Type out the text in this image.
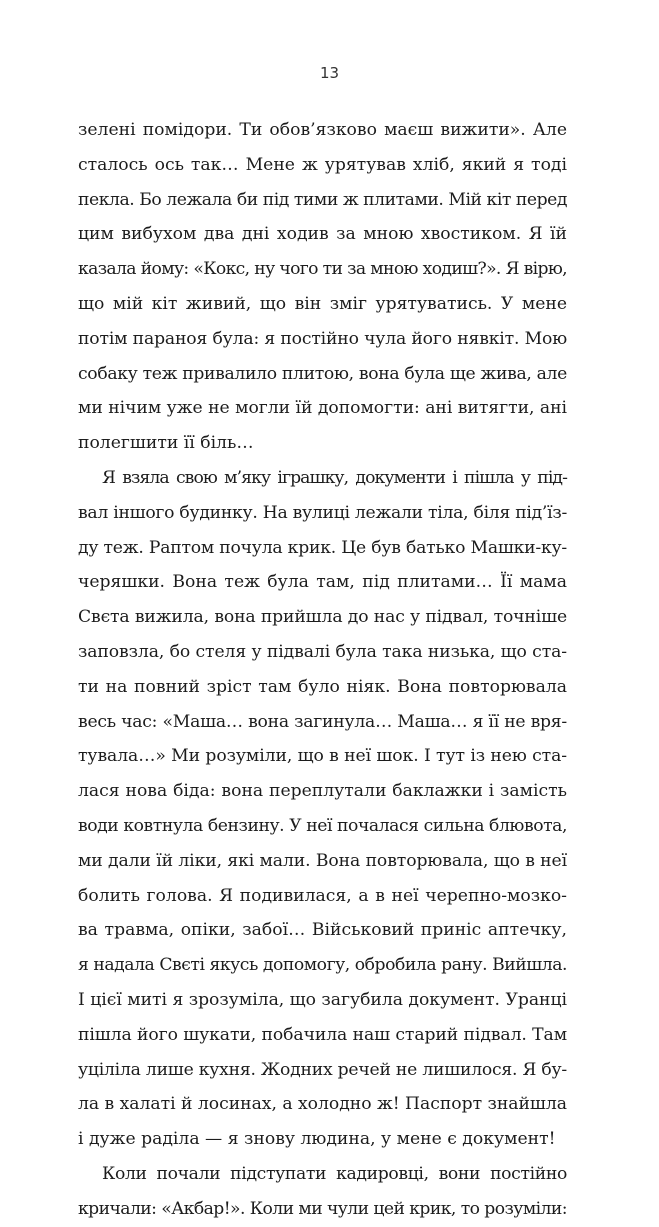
13
зелені помідори. Ти обов’язково маєш вижити». Але
сталось ось так… Мене ж урятував хліб, який я тоді
пекла. Бо лежала би під тими ж плитами. Мій кіт перед
цим вибухом два дні ходив за мною хвостиком. Я їй
казала йому: «Кокс, ну чого ти за мною ходиш?». Я вірю,
що мій кіт живий, що він зміг урятуватись. У мене
потім параноя була: я постійно чула його нявкіт. Мою
собаку теж привалило плитою, вона була ще жива, але
ми нічим уже не могли їй допомогти: ані витягти, ані
полегшити її біль…
Я взяла свою м’яку іграшку, документи і пішла у під-
вал іншого будинку. На вулиці лежали тіла, біля під’їз-
ду теж. Раптом почула крик. Це був батько Машки-ку-
черяшки. Вона теж була там, під плитами… Її мама
Свєта вижила, вона прийшла до нас у підвал, точніше
заповзла, бо стеля у підвалі була така низька, що ста-
ти на повний зріст там було ніяк. Вона повторювала
весь час: «Маша… вона загинула… Маша… я її не вря-
тувала…» Ми розуміли, що в неї шок. І тут із нею ста-
лася нова біда: вона переплутали баклажки і замість
води ковтнула бензину. У неї почалася сильна блювота,
ми дали їй ліки, які мали. Вона повторювала, що в неї
болить голова. Я подивилася, а в неї черепно-мозко-
ва травма, опіки, забої… Військовий приніс аптечку,
я надала Свєті якусь допомогу, обробила рану. Вийшла.
І цієї миті я зрозуміла, що загубила документ. Уранці
пішла його шукати, побачила наш старий підвал. Там
уціліла лише кухня. Жодних речей не лишилося. Я бу-
ла в халаті й лосинах, а холодно ж! Паспорт знайшла
і дуже раділа — я знову людина, у мене є документ!
Коли почали підступати кадировці, вони постійно
кричали: «Акбар!». Коли ми чули цей крик, то розуміли:
